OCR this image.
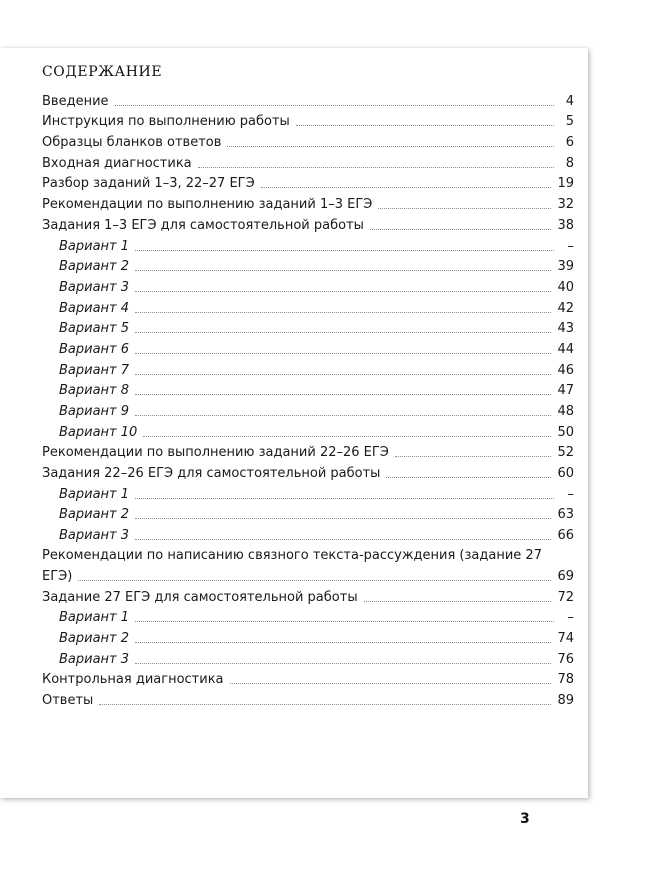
СОДЕРЖАНИЕ
Введение	4
Инструкция по выполнению работы	5
Образцы бланков ответов	6
Входная диагностика	8
Разбор заданий 1–3, 22–27 ЕГЭ	19
Рекомендации по выполнению заданий 1–3 ЕГЭ	32
Задания 1–3 ЕГЭ для самостоятельной работы	38
Вариант 1	–
Вариант 2	39
Вариант 3	40
Вариант 4	42
Вариант 5	43
Вариант 6	44
Вариант 7	46
Вариант 8	47
Вариант 9	48
Вариант 10	50
Рекомендации по выполнению заданий 22–26 ЕГЭ	52
Задания 22–26 ЕГЭ для самостоятельной работы	60
Вариант 1	–
Вариант 2	63
Вариант 3	66
Рекомендации по написанию связного текста-рассуждения (задание 27
ЕГЭ)	69
Задание 27 ЕГЭ для самостоятельной работы	72
Вариант 1	–
Вариант 2	74
Вариант 3	76
Контрольная диагностика	78
Ответы	89
3
